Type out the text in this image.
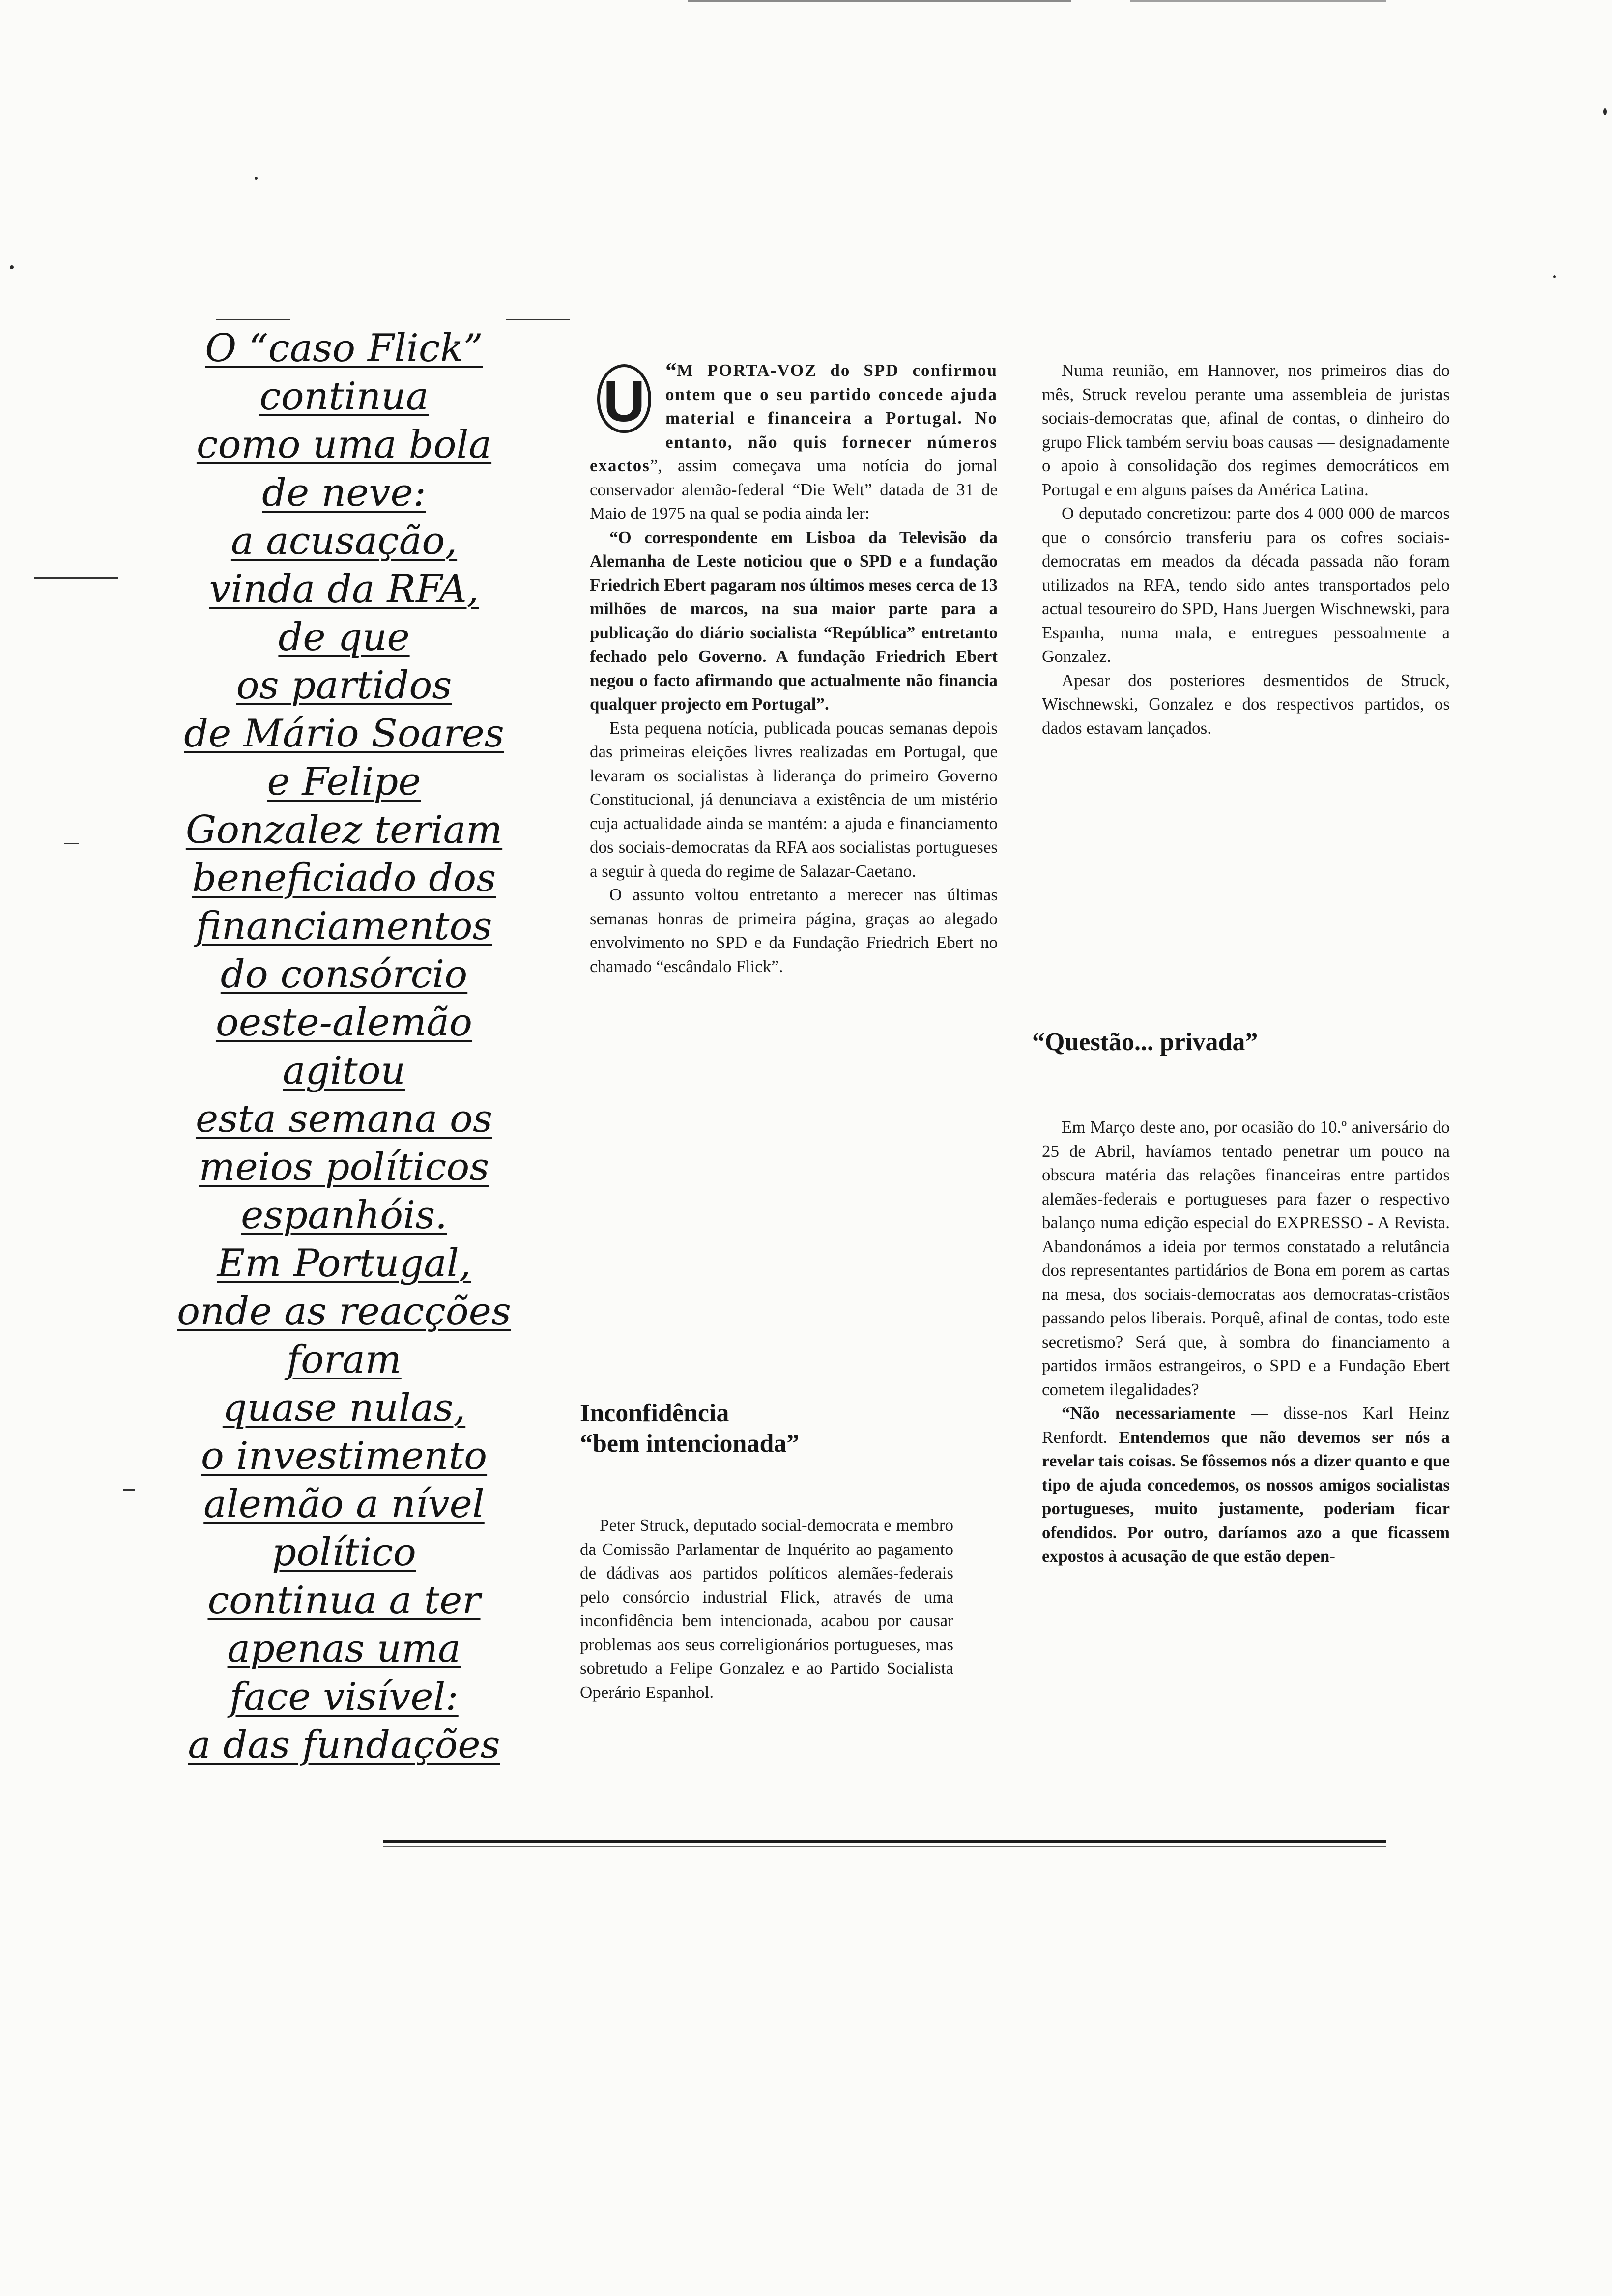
O “caso Flick”
continua
como uma bola
de neve:
a acusação,
vinda da RFA,
de que
os partidos
de Mário Soares
e Felipe
Gonzalez teriam
beneficiado dos
financiamentos
do consórcio
oeste-alemão
agitou
esta semana os
meios políticos
espanhóis.
Em Portugal,
onde as reacções
foram
quase nulas,
o investimento
alemão a nível
político
continua a ter
apenas uma
face visível:
a das fundações

“
U	M PORTA-VOZ do SPD confirmou ontem que o seu partido concede ajuda material e financeira a Portugal. No entanto, não quis fornecer números exactos”, assim começava uma notícia do jornal conservador alemão-federal “Die Welt” datada de 31 de Maio de 1975 na qual se podia ainda ler:

“O correspondente em Lisboa da Televisão da Alemanha de Leste noticiou que o SPD e a fundação Friedrich Ebert pagaram nos últimos meses cerca de 13 milhões de marcos, na sua maior parte para a publicação do diário socialista “República” entretanto fechado pelo Governo. A fundação Friedrich Ebert negou o facto afirmando que actualmente não financia qualquer projecto em Portugal”.

Esta pequena notícia, publicada poucas semanas depois das primeiras eleições livres realizadas em Portugal, que levaram os socialistas à liderança do primeiro Governo Constitucional, já denunciava a existência de um mistério cuja actualidade ainda se mantém: a ajuda e financiamento dos sociais-democratas da RFA aos socialistas portugueses a seguir à queda do regime de Salazar-Caetano.

O assunto voltou entretanto a merecer nas últimas semanas honras de primeira página, graças ao alegado envolvimento no SPD e da Fundação Friedrich Ebert no chamado “escândalo Flick”.

Inconfidência

“bem intencionada”

Peter Struck, deputado social-democrata e membro da Comissão Parlamentar de Inquérito ao pagamento de dádivas aos partidos políticos alemães-federais pelo consórcio industrial Flick, através de uma inconfidência bem intencionada, acabou por causar problemas aos seus correligionários portugueses, mas sobretudo a Felipe Gonzalez e ao Partido Socialista Operário Espanhol.

Numa reunião, em Hannover, nos primeiros dias do mês, Struck revelou perante uma assembleia de juristas sociais-democratas que, afinal de contas, o dinheiro do grupo Flick também serviu boas causas — designadamente o apoio à consolidação dos regimes democráticos em Portugal e em alguns países da América Latina.

O deputado concretizou: parte dos 4 000 000 de marcos que o consórcio transferiu para os cofres sociais-democratas em meados da década passada não foram utilizados na RFA, tendo sido antes transportados pelo actual tesoureiro do SPD, Hans Juergen Wischnewski, para Espanha, numa mala, e entregues pessoalmente a Gonzalez.

Apesar dos posteriores desmentidos de Struck, Wischnewski, Gonzalez e dos respectivos partidos, os dados estavam lançados.

“Questão... privada”

Em Março deste ano, por ocasião do 10.º aniversário do 25 de Abril, havíamos tentado penetrar um pouco na obscura matéria das relações financeiras entre partidos alemães-federais e portugueses para fazer o respectivo balanço numa edição especial do EXPRESSO - A Revista. Abandonámos a ideia por termos constatado a relutância dos representantes partidários de Bona em porem as cartas na mesa, dos sociais-democratas aos democratas-cristãos passando pelos liberais. Porquê, afinal de contas, todo este secretismo? Será que, à sombra do financiamento a partidos irmãos estrangeiros, o SPD e a Fundação Ebert cometem ilegalidades?

“Não necessariamente — disse-nos Karl Heinz Renfordt. Entendemos que não devemos ser nós a revelar tais coisas. Se fôssemos nós a dizer quanto e que tipo de ajuda concedemos, os nossos amigos socialistas portugueses, muito justamente, poderiam ficar ofendidos. Por outro, daríamos azo a que ficassem expostos à acusação de que estão depen-
